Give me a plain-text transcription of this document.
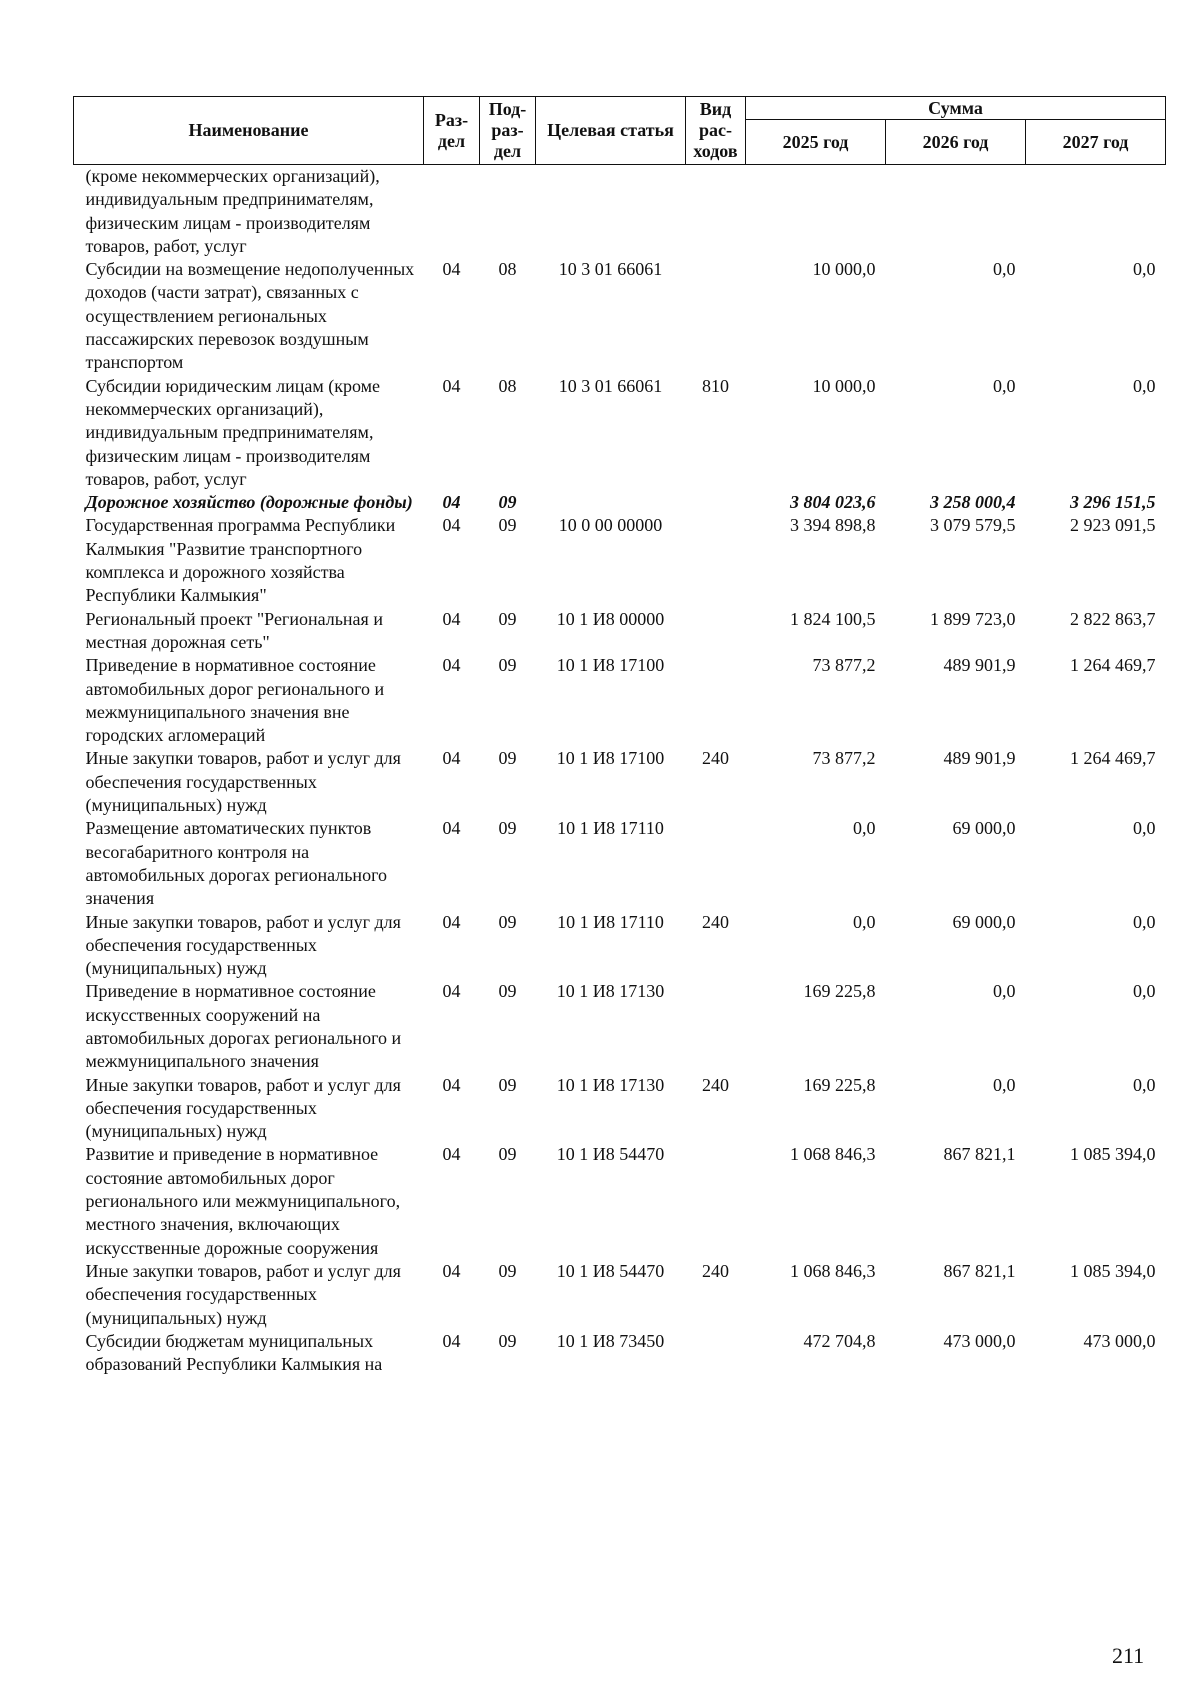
Наименование	Раз-дел	Под-раз-дел	Целевая статья	Вид рас-ходов	Сумма		
					2025 год	2026 год	2027 год
(кроме некоммерческих организаций), индивидуальным предпринимателям, физическим лицам - производителям товаров, работ, услуг							
Субсидии на возмещение недополученных доходов (части затрат), связанных с осуществлением региональных пассажирских перевозок воздушным транспортом	04	08	10 3 01 66061		10 000,0	0,0	0,0
Субсидии юридическим лицам (кроме некоммерческих организаций), индивидуальным предпринимателям, физическим лицам - производителям товаров, работ, услуг	04	08	10 3 01 66061	810	10 000,0	0,0	0,0
Дорожное хозяйство (дорожные фонды)	04	09			3 804 023,6	3 258 000,4	3 296 151,5
Государственная программа Республики Калмыкия "Развитие транспортного комплекса и дорожного хозяйства Республики Калмыкия"	04	09	10 0 00 00000		3 394 898,8	3 079 579,5	2 923 091,5
Региональный проект "Региональная и местная дорожная сеть"	04	09	10 1 И8 00000		1 824 100,5	1 899 723,0	2 822 863,7
Приведение в нормативное состояние автомобильных дорог регионального и межмуниципального значения вне городских агломераций	04	09	10 1 И8 17100		73 877,2	489 901,9	1 264 469,7
Иные закупки товаров, работ и услуг для обеспечения государственных (муниципальных) нужд	04	09	10 1 И8 17100	240	73 877,2	489 901,9	1 264 469,7
Размещение автоматических пунктов весогабаритного контроля на автомобильных дорогах регионального значения	04	09	10 1 И8 17110		0,0	69 000,0	0,0
Иные закупки товаров, работ и услуг для обеспечения государственных (муниципальных) нужд	04	09	10 1 И8 17110	240	0,0	69 000,0	0,0
Приведение в нормативное состояние искусственных сооружений на автомобильных дорогах регионального и межмуниципального значения	04	09	10 1 И8 17130		169 225,8	0,0	0,0
Иные закупки товаров, работ и услуг для обеспечения государственных (муниципальных) нужд	04	09	10 1 И8 17130	240	169 225,8	0,0	0,0
Развитие и приведение в нормативное состояние автомобильных дорог регионального или межмуниципального, местного значения, включающих искусственные дорожные сооружения	04	09	10 1 И8 54470		1 068 846,3	867 821,1	1 085 394,0
Иные закупки товаров, работ и услуг для обеспечения государственных (муниципальных) нужд	04	09	10 1 И8 54470	240	1 068 846,3	867 821,1	1 085 394,0
Субсидии бюджетам муниципальных образований Республики Калмыкия на	04	09	10 1 И8 73450		472 704,8	473 000,0	473 000,0
211
